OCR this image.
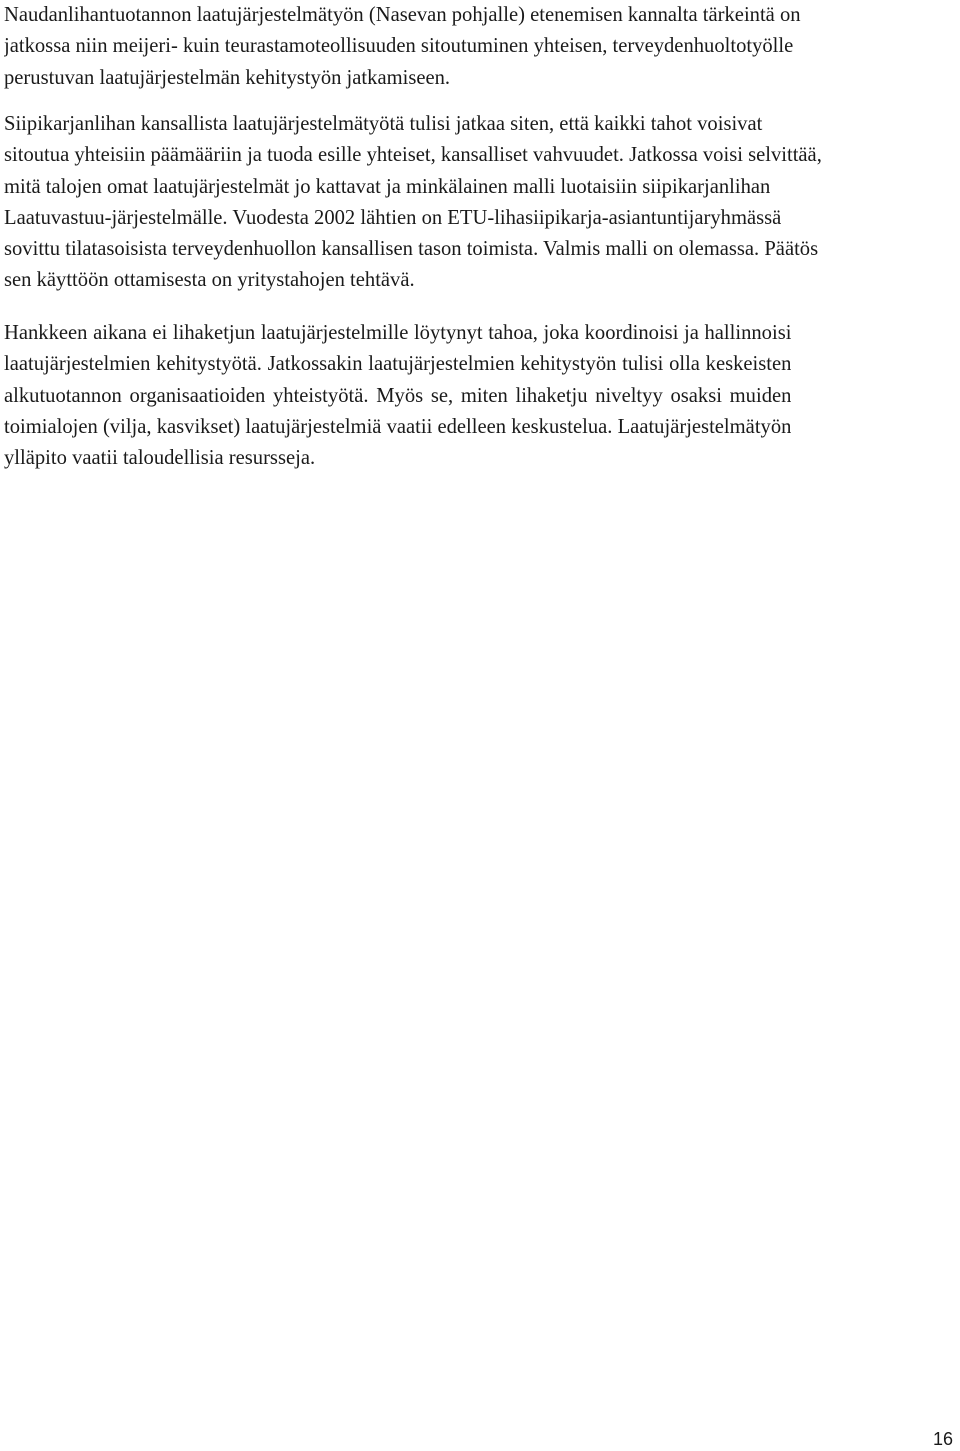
Naudanlihantuotannon laatujärjestelmätyön (Nasevan pohjalle) etenemisen kannalta tärkeintä on
jatkossa niin meijeri- kuin teurastamoteollisuuden sitoutuminen yhteisen, terveydenhuoltotyölle
perustuvan laatujärjestelmän kehitystyön jatkamiseen.

Siipikarjanlihan kansallista laatujärjestelmätyötä tulisi jatkaa siten, että kaikki tahot voisivat
sitoutua yhteisiin päämääriin ja tuoda esille yhteiset, kansalliset vahvuudet. Jatkossa voisi selvittää,
mitä talojen omat laatujärjestelmät jo kattavat ja minkälainen malli luotaisiin siipikarjanlihan
Laatuvastuu-järjestelmälle. Vuodesta 2002 lähtien on ETU-lihasiipikarja-asiantuntijaryhmässä
sovittu tilatasoisista terveydenhuollon kansallisen tason toimista. Valmis malli on olemassa. Päätös
sen käyttöön ottamisesta on yritystahojen tehtävä.

Hankkeen aikana ei lihaketjun laatujärjestelmille löytynyt tahoa, joka koordinoisi ja hallinnoisi
laatujärjestelmien kehitystyötä. Jatkossakin laatujärjestelmien kehitystyön tulisi olla keskeisten
alkutuotannon organisaatioiden yhteistyötä. Myös se, miten lihaketju niveltyy osaksi muiden
toimialojen (vilja, kasvikset) laatujärjestelmiä vaatii edelleen keskustelua. Laatujärjestelmätyön
ylläpito vaatii taloudellisia resursseja.

16
